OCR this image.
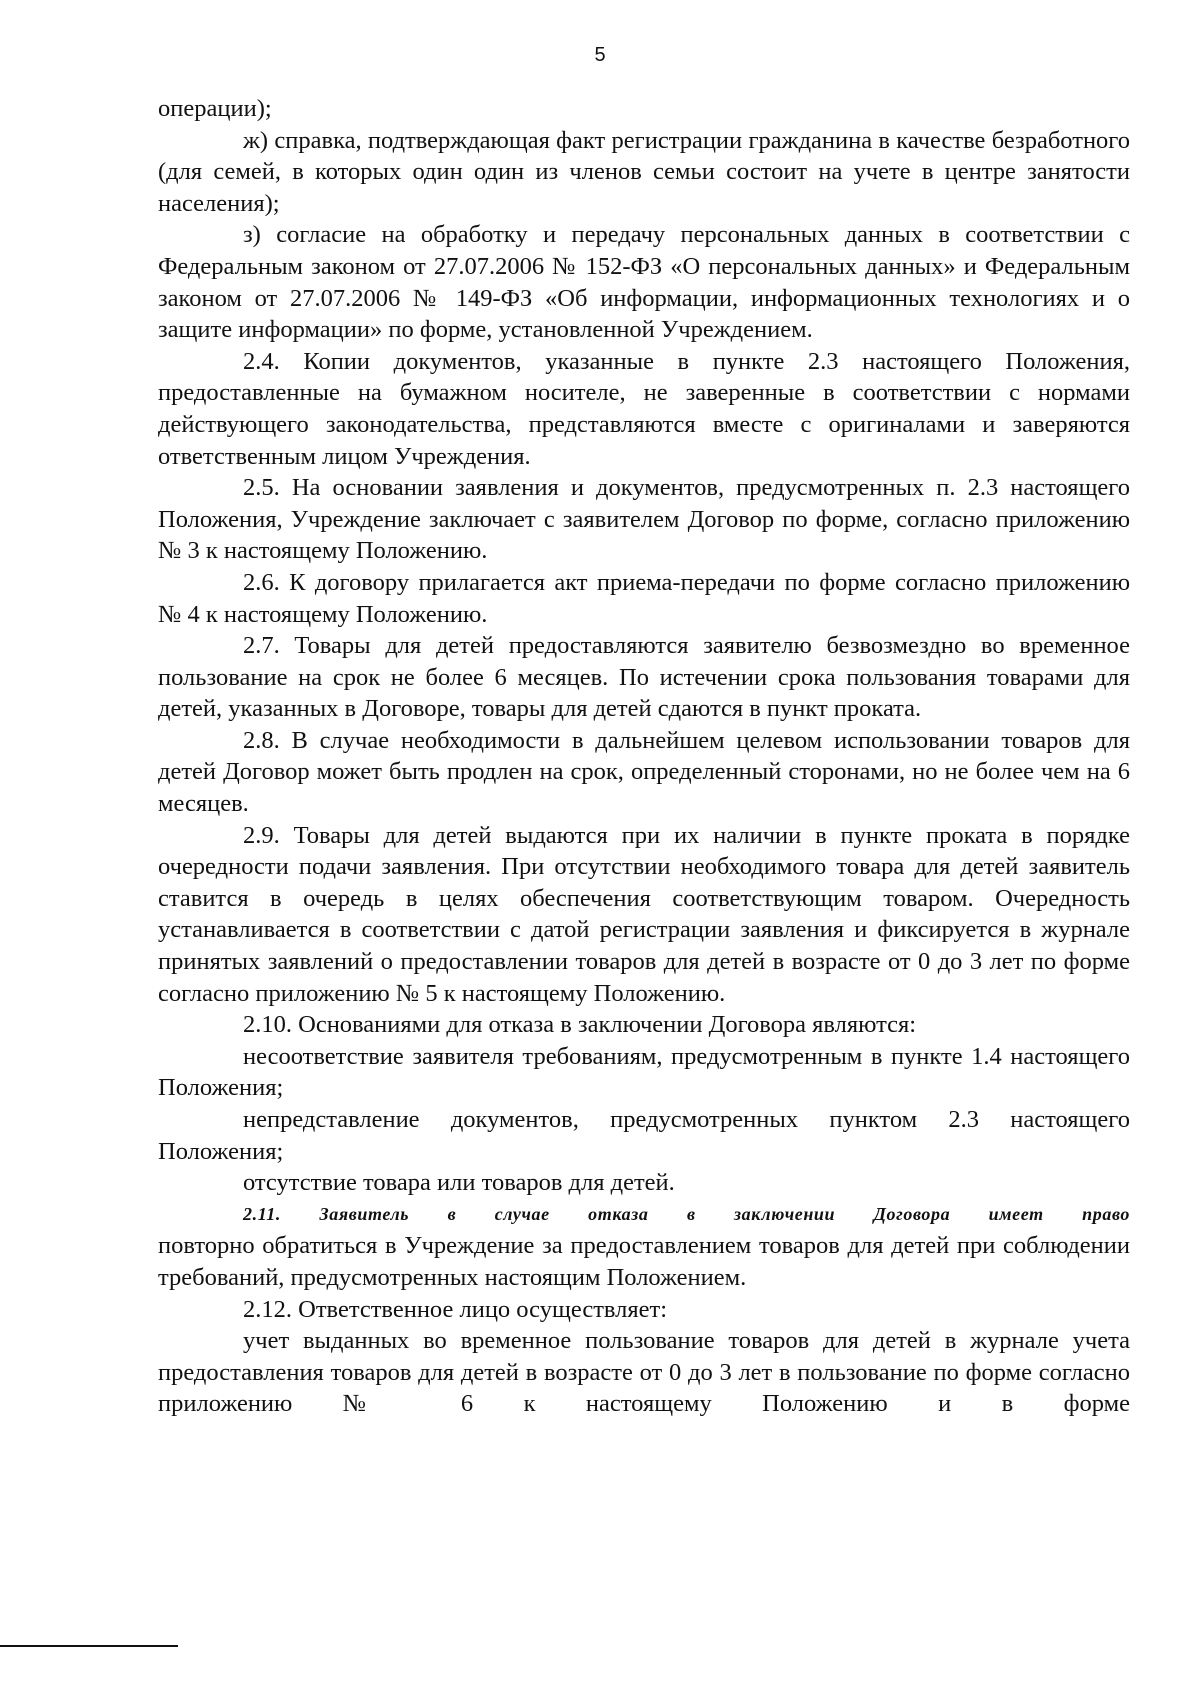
5

операции);

ж) справка, подтверждающая факт регистрации гражданина в качестве безработного (для семей, в которых один один из членов семьи состоит на учете в центре занятости населения);

з) согласие на обработку и передачу персональных данных в соответствии с Федеральным законом от 27.07.2006 № 152-ФЗ «О персональных данных» и Федеральным законом от 27.07.2006 № 149-ФЗ «Об информации, информационных технологиях и о защите информации» по форме, установленной Учреждением.

2.4. Копии документов, указанные в пункте 2.3 настоящего Положения, предоставленные на бумажном носителе, не заверенные в соответствии с нормами действующего законодательства, представляются вместе с оригиналами и заверяются ответственным лицом Учреждения.

2.5. На основании заявления и документов, предусмотренных п. 2.3 настоящего Положения, Учреждение заключает с заявителем Договор по форме, согласно приложению № 3 к настоящему Положению.

2.6. К договору прилагается акт приема-передачи по форме согласно приложению № 4 к настоящему Положению.

2.7. Товары для детей предоставляются заявителю безвозмездно во временное пользование на срок не более 6 месяцев. По истечении срока пользования товарами для детей, указанных в Договоре, товары для детей сдаются в пункт проката.

2.8. В случае необходимости в дальнейшем целевом использовании товаров для детей Договор может быть продлен на срок, определенный сторонами, но не более чем на 6 месяцев.

2.9. Товары для детей выдаются при их наличии в пункте проката в порядке очередности подачи заявления. При отсутствии необходимого товара для детей заявитель ставится в очередь в целях обеспечения соответствующим товаром. Очередность устанавливается в соответствии с датой регистрации заявления и фиксируется в журнале принятых заявлений о предоставлении товаров для детей в возрасте от 0 до 3 лет по форме согласно приложению № 5 к настоящему Положению.

2.10. Основаниями для отказа в заключении Договора являются:

несоответствие заявителя требованиям, предусмотренным в пункте 1.4 настоящего Положения;

непредставление документов, предусмотренных пунктом 2.3 настоящего Положения;

отсутствие товара или товаров для детей.

2.11. Заявитель в случае отказа в заключении Договора имеет право

повторно обратиться в Учреждение за предоставлением товаров для детей при соблюдении требований, предусмотренных настоящим Положением.

2.12. Ответственное лицо осуществляет:

учет выданных во временное пользование товаров для детей в журнале учета предоставления товаров для детей в возрасте от 0 до 3 лет в пользование по форме согласно приложению № 6 к настоящему Положению и в форме
